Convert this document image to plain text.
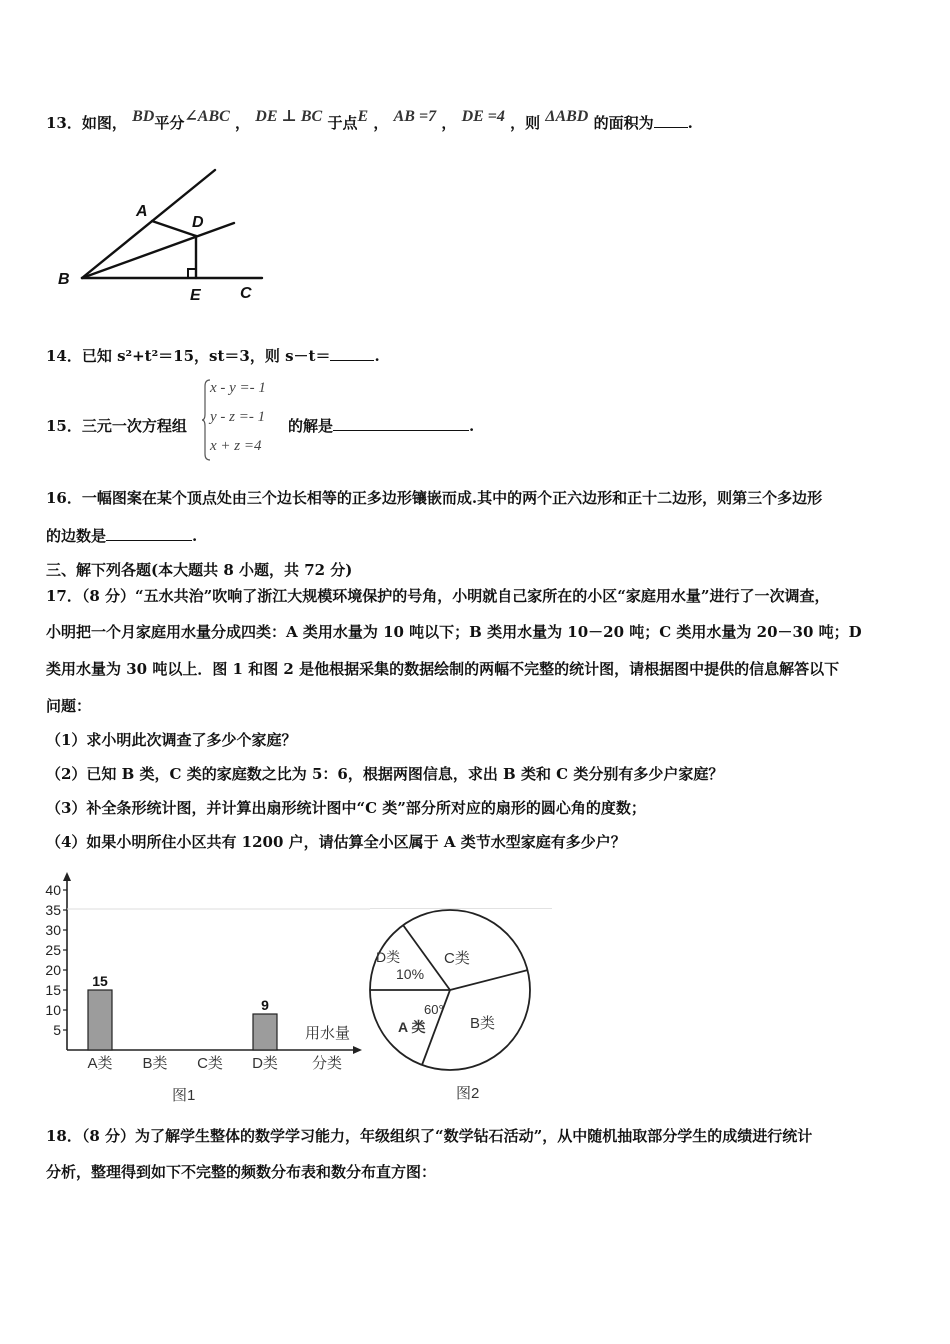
13．如图， BD平分∠ABC ， DE ⊥ BC 于点E ， AB =7 ， DE =4 ，则 ΔABD 的面积为 .
A
D
B
E C
14．已知 s²+t²＝15，st＝3，则 s－t＝	.
15．三元一次方程组
x - y =- 1
y - z =- 1
x + z =4
的解是	.
16．一幅图案在某个顶点处由三个边长相等的正多边形镶嵌而成.其中的两个正六边形和正十二边形，则第三个多边形
的边数是	.
三、解下列各题(本大题共 8 小题，共 72 分)
17．（8 分）“五水共治”吹响了浙江大规模环境保护的号角，小明就自己家所在的小区“家庭用水量”进行了一次调查，
小明把一个月家庭用水量分成四类：A 类用水量为 10 吨以下；B 类用水量为 10－20 吨；C 类用水量为 20－30 吨；D
类用水量为 30 吨以上．图 1 和图 2 是他根据采集的数据绘制的两幅不完整的统计图，请根据图中提供的信息解答以下
问题：
（1）求小明此次调查了多少个家庭？
（2）已知 B 类，C 类的家庭数之比为 5：6，根据两图信息，求出 B 类和 C 类分别有多少户家庭？
（3）补全条形统计图，并计算出扇形统计图中“C 类”部分所对应的扇形的圆心角的度数；
（4）如果小明所住小区共有 1200 户，请估算全小区属于 A 类节水型家庭有多少户？
5
10
15
20
25
30
35
40
15
9
A类 B类 C类 D类
用水量
分类
图1
D类
10%
C类
B类
60°
A 类
图2
18．（8 分）为了解学生整体的数学学习能力，年级组织了“数学钻石活动”，从中随机抽取部分学生的成绩进行统计
分析，整理得到如下不完整的频数分布表和数分布直方图：
